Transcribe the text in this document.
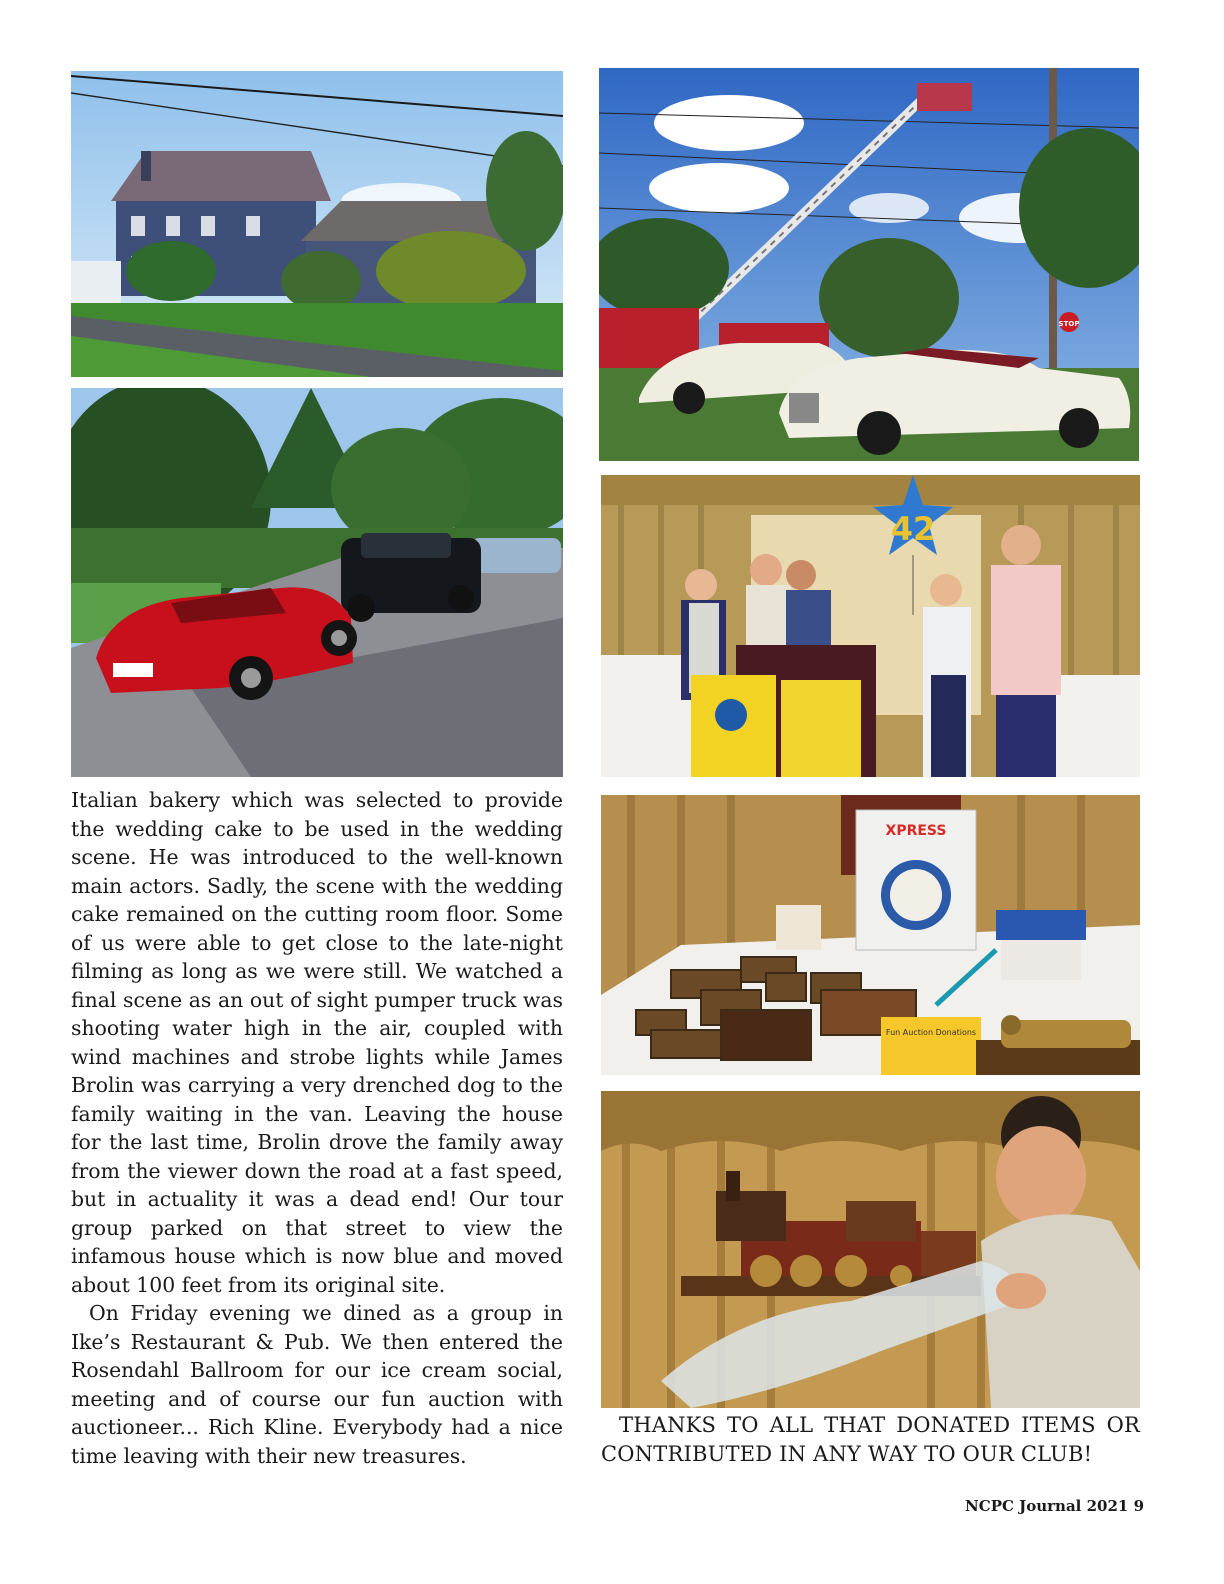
STOP
42
XPRESS
Fun Auction Donations

Italian bakery which was selected to provide the wedding cake to be used in the wedding scene. He was introduced to the well-known main actors. Sadly, the scene with the wedding cake remained on the cutting room floor. Some of us were able to get close to the late-night filming as long as we were still. We watched a final scene as an out of sight pumper truck was shooting water high in the air, coupled with wind machines and strobe lights while James Brolin was carrying a very drenched dog to the family waiting in the van. Leaving the house for the last time, Brolin drove the family away from the viewer down the road at a fast speed, but in actuality it was a dead end! Our tour group parked on that street to view the infamous house which is now blue and moved about 100 feet from its original site.

On Friday evening we dined as a group in Ike’s Restaurant & Pub. We then entered the Rosendahl Ballroom for our ice cream social, meeting and of course our fun auction with auctioneer... Rich Kline. Everybody had a nice time leaving with their new treasures.

THANKS TO ALL THAT DONATED ITEMS OR CONTRIBUTED IN ANY WAY TO OUR CLUB!
NCPC Journal 2021 9
